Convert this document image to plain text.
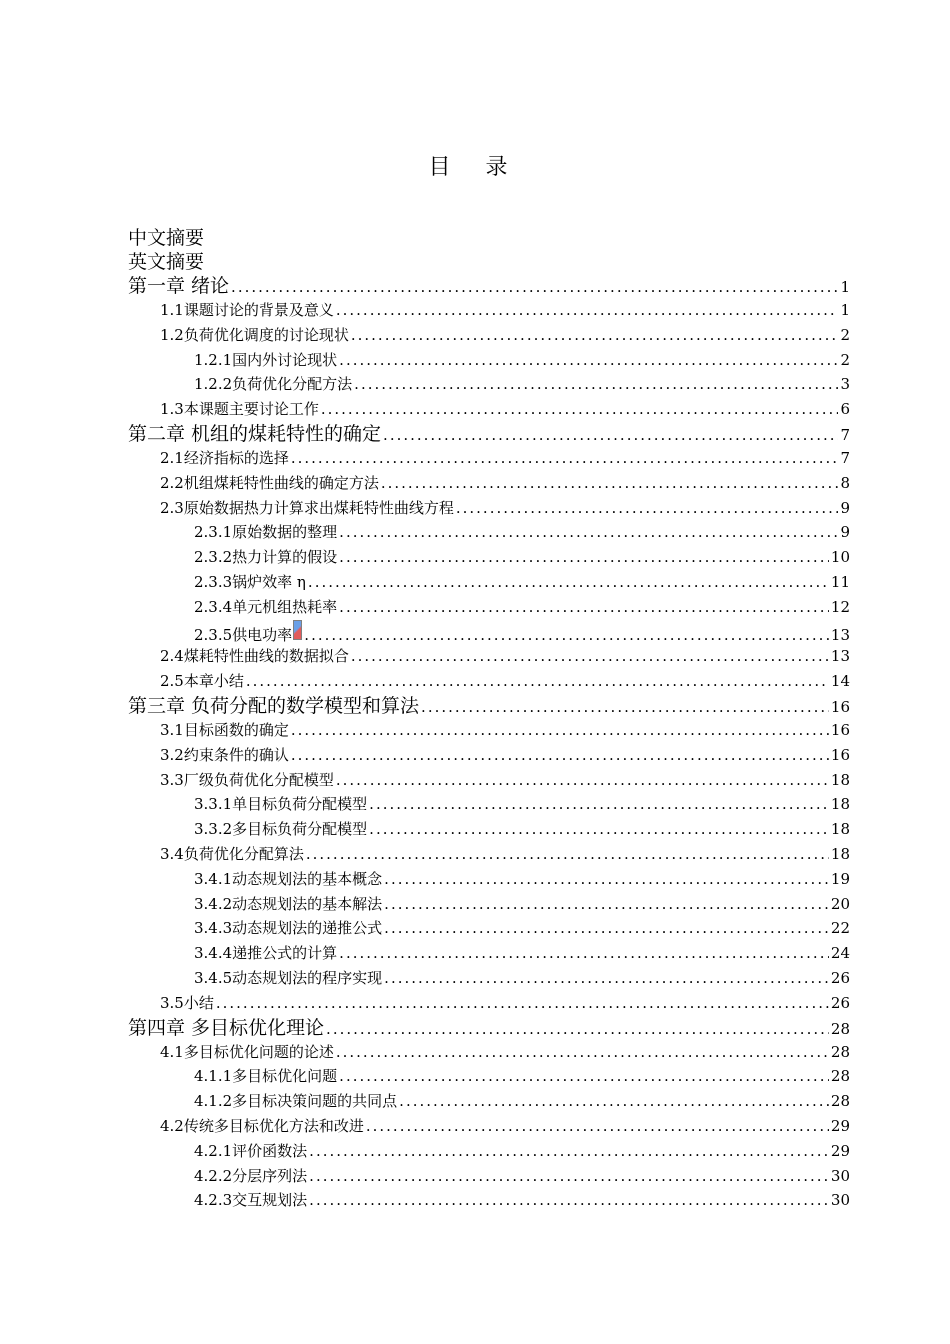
目 录
中文摘要
英文摘要
第一章 绪论 .....	1
1.1课题讨论的背景及意义 .....	1
1.2负荷优化调度的讨论现状 .....	2
1.2.1国内外讨论现状 .....	2
1.2.2负荷优化分配方法 .....	3
1.3本课题主要讨论工作 .....	6
第二章 机组的煤耗特性的确定 .....	7
2.1经济指标的选择 .....	7
2.2机组煤耗特性曲线的确定方法 .....	8
2.3原始数据热力计算求出煤耗特性曲线方程 .....	9
2.3.1原始数据的整理 .....	9
2.3.2热力计算的假设 .....	10
2.3.3锅炉效率 η .....	11
2.3.4单元机组热耗率 .....	12
2.3.5供电功率 .....	13
2.4煤耗特性曲线的数据拟合 .....	13
2.5本章小结 .....	14
第三章 负荷分配的数学模型和算法 .....	16
3.1目标函数的确定 .....	16
3.2约束条件的确认 .....	16
3.3厂级负荷优化分配模型 .....	18
3.3.1单目标负荷分配模型 .....	18
3.3.2多目标负荷分配模型 .....	18
3.4负荷优化分配算法 .....	18
3.4.1动态规划法的基本概念 .....	19
3.4.2动态规划法的基本解法 .....	20
3.4.3动态规划法的递推公式 .....	22
3.4.4递推公式的计算 .....	24
3.4.5动态规划法的程序实现 .....	26
3.5小结 .....	26
第四章 多目标优化理论 .....	28
4.1多目标优化问题的论述 .....	28
4.1.1多目标优化问题 .....	28
4.1.2多目标决策问题的共同点 .....	28
4.2传统多目标优化方法和改进 .....	29
4.2.1评价函数法 .....	29
4.2.2分层序列法 .....	30
4.2.3交互规划法 .....	30
